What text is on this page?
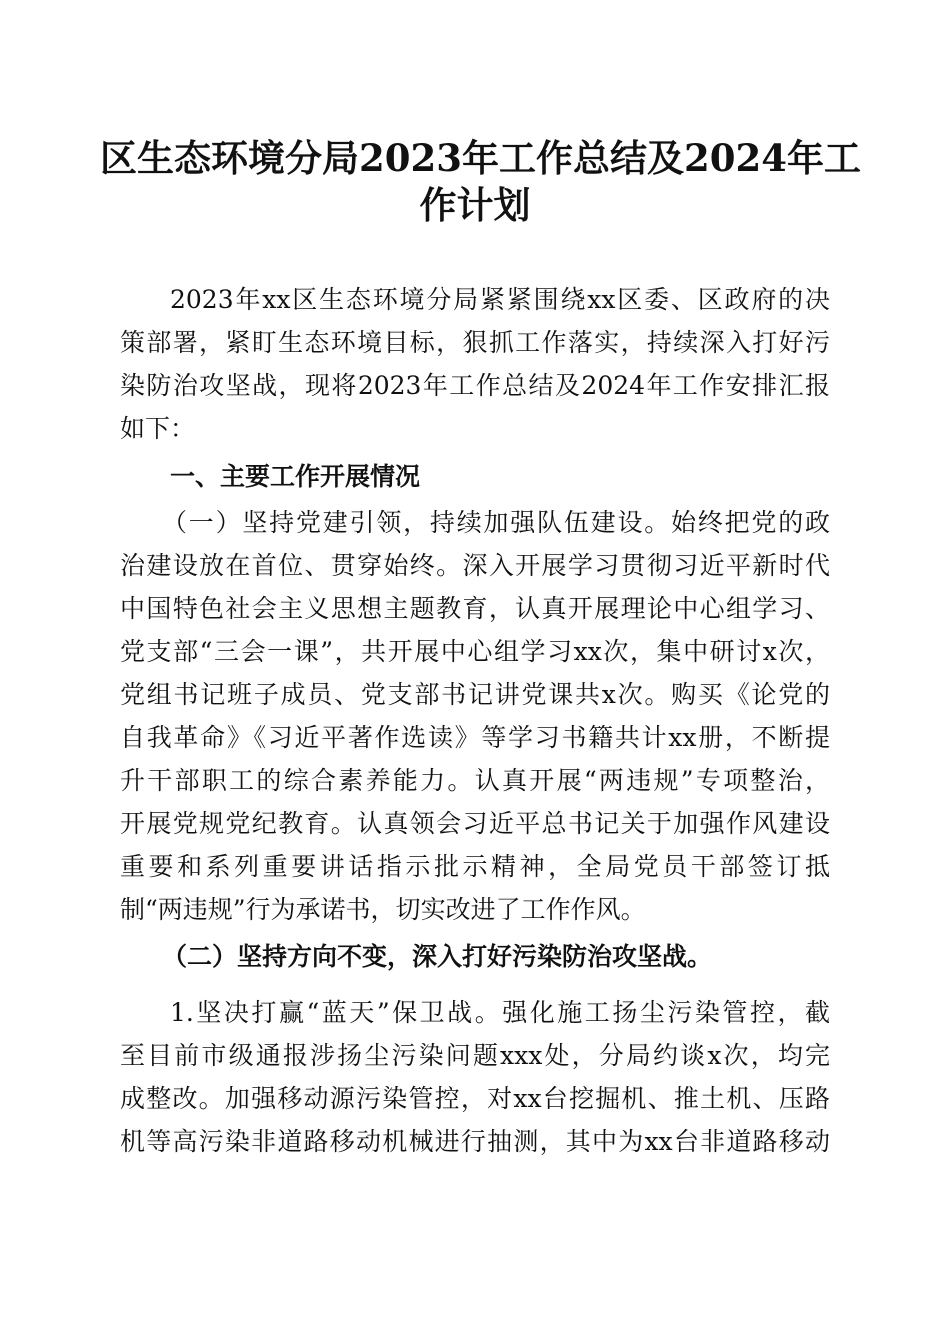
区生态环境分局2023年工作总结及2024年工
作计划

2023年xx区生态环境分局紧紧围绕xx区委、区政府的决

策部署，紧盯生态环境目标，狠抓工作落实，持续深入打好污

染防治攻坚战，现将2023年工作总结及2024年工作安排汇报

如下：

一、主要工作开展情况

（一）坚持党建引领，持续加强队伍建设。始终把党的政

治建设放在首位、贯穿始终。深入开展学习贯彻习近平新时代

中国特色社会主义思想主题教育，认真开展理论中心组学习、

党支部“三会一课”，共开展中心组学习xx次，集中研讨x次，

党组书记班子成员、党支部书记讲党课共x次。购买《论党的

自我革命》《习近平著作选读》等学习书籍共计xx册，不断提

升干部职工的综合素养能力。认真开展“两违规”专项整治，

开展党规党纪教育。认真领会习近平总书记关于加强作风建设

重要和系列重要讲话指示批示精神，全局党员干部签订抵

制“两违规”行为承诺书，切实改进了工作作风。

（二）坚持方向不变，深入打好污染防治攻坚战。

1.坚决打赢“蓝天”保卫战。强化施工扬尘污染管控，截

至目前市级通报涉扬尘污染问题xxx处，分局约谈x次，均完

成整改。加强移动源污染管控，对xx台挖掘机、推土机、压路

机等高污染非道路移动机械进行抽测，其中为xx台非道路移动
